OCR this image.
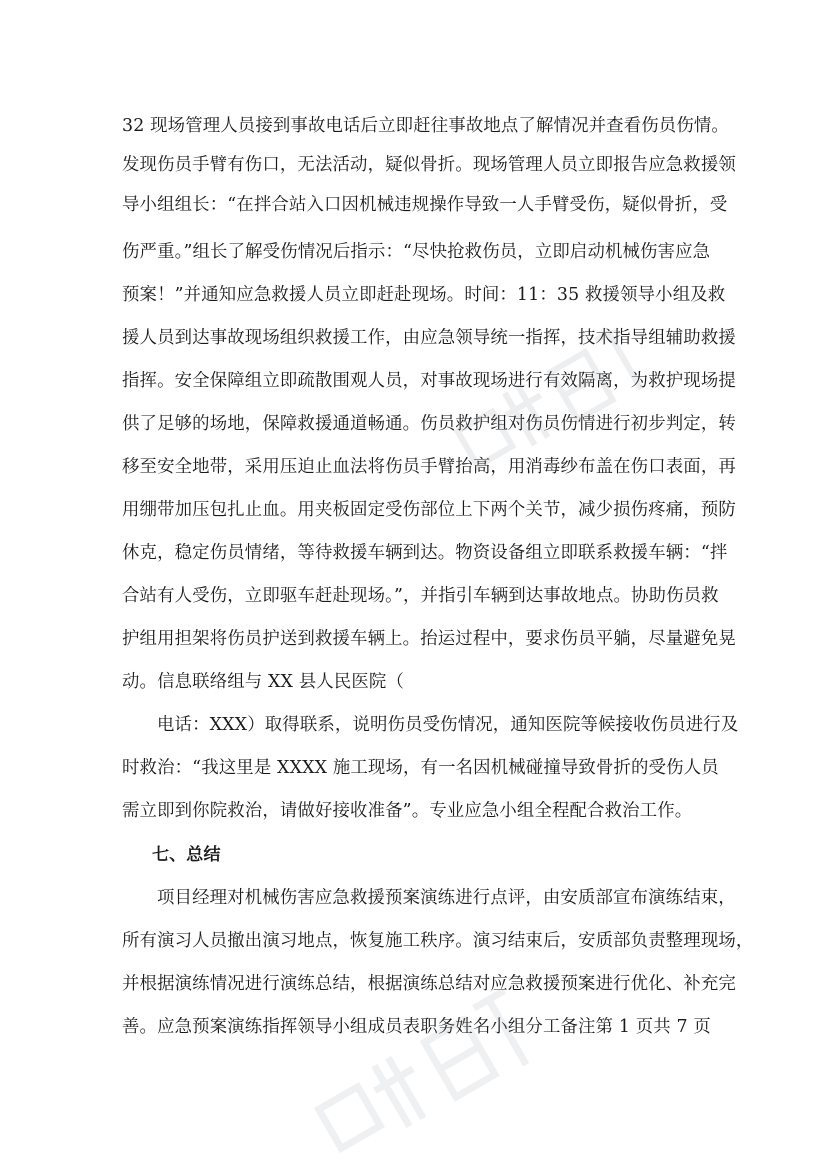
32 现场管理人员接到事故电话后立即赶往事故地点了解情况并查看伤员伤情。
发现伤员手臂有伤口，无法活动，疑似骨折。现场管理人员立即报告应急救援领
导小组组长：“在拌合站入口因机械违规操作导致一人手臂受伤，疑似骨折，受
伤严重。”组长了解受伤情况后指示：“尽快抢救伤员，立即启动机械伤害应急
预案！”并通知应急救援人员立即赶赴现场。时间：11：35 救援领导小组及救
援人员到达事故现场组织救援工作，由应急领导统一指挥，技术指导组辅助救援
指挥。安全保障组立即疏散围观人员，对事故现场进行有效隔离，为救护现场提
供了足够的场地，保障救援通道畅通。伤员救护组对伤员伤情进行初步判定，转
移至安全地带，采用压迫止血法将伤员手臂抬高，用消毒纱布盖在伤口表面，再
用绷带加压包扎止血。用夹板固定受伤部位上下两个关节，减少损伤疼痛，预防
休克，稳定伤员情绪，等待救援车辆到达。物资设备组立即联系救援车辆：“拌
合站有人受伤，立即驱车赶赴现场。”，并指引车辆到达事故地点。协助伤员救
护组用担架将伤员护送到救援车辆上。抬运过程中，要求伤员平躺，尽量避免晃
动。信息联络组与 XX 县人民医院（
电话：XXX）取得联系，说明伤员受伤情况，通知医院等候接收伤员进行及
时救治：“我这里是 XXXX 施工现场，有一名因机械碰撞导致骨折的受伤人员
需立即到你院救治，请做好接收准备”。专业应急小组全程配合救治工作。
七、总结
项目经理对机械伤害应急救援预案演练进行点评，由安质部宣布演练结束，
所有演习人员撤出演习地点，恢复施工秩序。演习结束后，安质部负责整理现场，
并根据演练情况进行演练总结，根据演练总结对应急救援预案进行优化、补充完
善。应急预案演练指挥领导小组成员表职务姓名小组分工备注第 1 页共 7 页
